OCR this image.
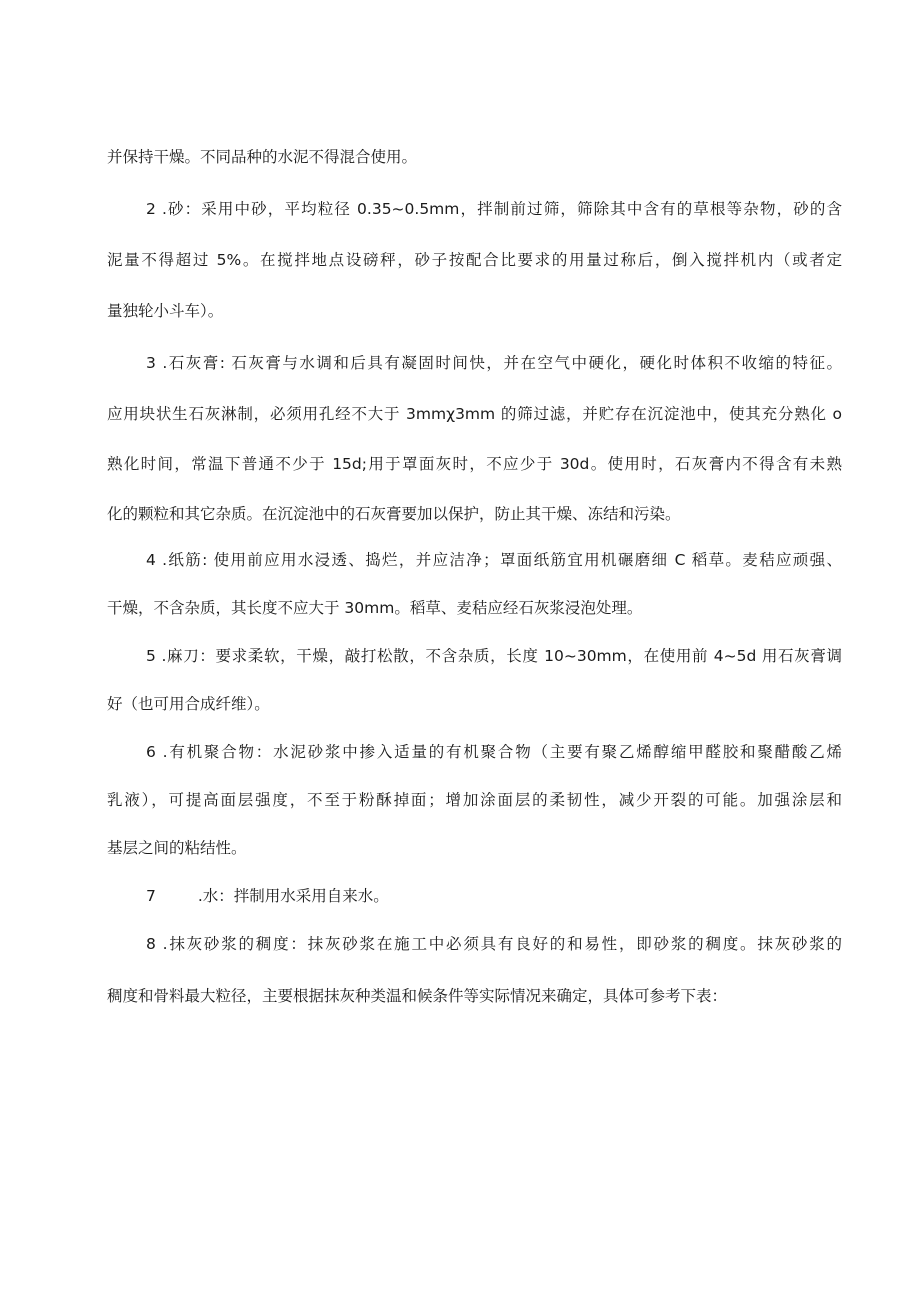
并保持干燥。不同品种的水泥不得混合使用。
2 .砂：采用中砂，平均粒径 0.35~0.5mm，拌制前过筛，筛除其中含有的草根等杂物，砂的含
泥量不得超过 5%。在搅拌地点设磅秤，砂子按配合比要求的用量过称后，倒入搅拌机内（或者定
量独轮小斗车）。
3 .石灰膏: 石灰膏与水调和后具有凝固时间快，并在空气中硬化，硬化时体积不收缩的特征。
应用块状生石灰淋制，必须用孔经不大于 3mmχ3mm 的筛过滤，并贮存在沉淀池中，使其充分熟化 o
熟化时间，常温下普通不少于 15d;用于罩面灰时，不应少于 30d。使用时，石灰膏内不得含有未熟
化的颗粒和其它杂质。在沉淀池中的石灰膏要加以保护，防止其干燥、冻结和污染。
4 .纸筋: 使用前应用水浸透、捣烂，并应洁净；罩面纸筋宜用机碾磨细 C 稻草。麦秸应顽强、
干燥，不含杂质，其长度不应大于 30mm。稻草、麦秸应经石灰浆浸泡处理。
5 .麻刀：要求柔软，干燥，敲打松散，不含杂质，长度 10~30mm，在使用前 4~5d 用石灰膏调
好（也可用合成纤维）。
6 .有机聚合物：水泥砂浆中掺入适量的有机聚合物（主要有聚乙烯醇缩甲醛胶和聚醋酸乙烯
乳液），可提高面层强度，不至于粉酥掉面；增加涂面层的柔韧性，减少开裂的可能。加强涂层和
基层之间的粘结性。
7	.水：拌制用水采用自来水。
8 .抹灰砂浆的稠度：抹灰砂浆在施工中必须具有良好的和易性，即砂浆的稠度。抹灰砂浆的
稠度和骨料最大粒径，主要根据抹灰种类温和候条件等实际情况来确定，具体可参考下表：
